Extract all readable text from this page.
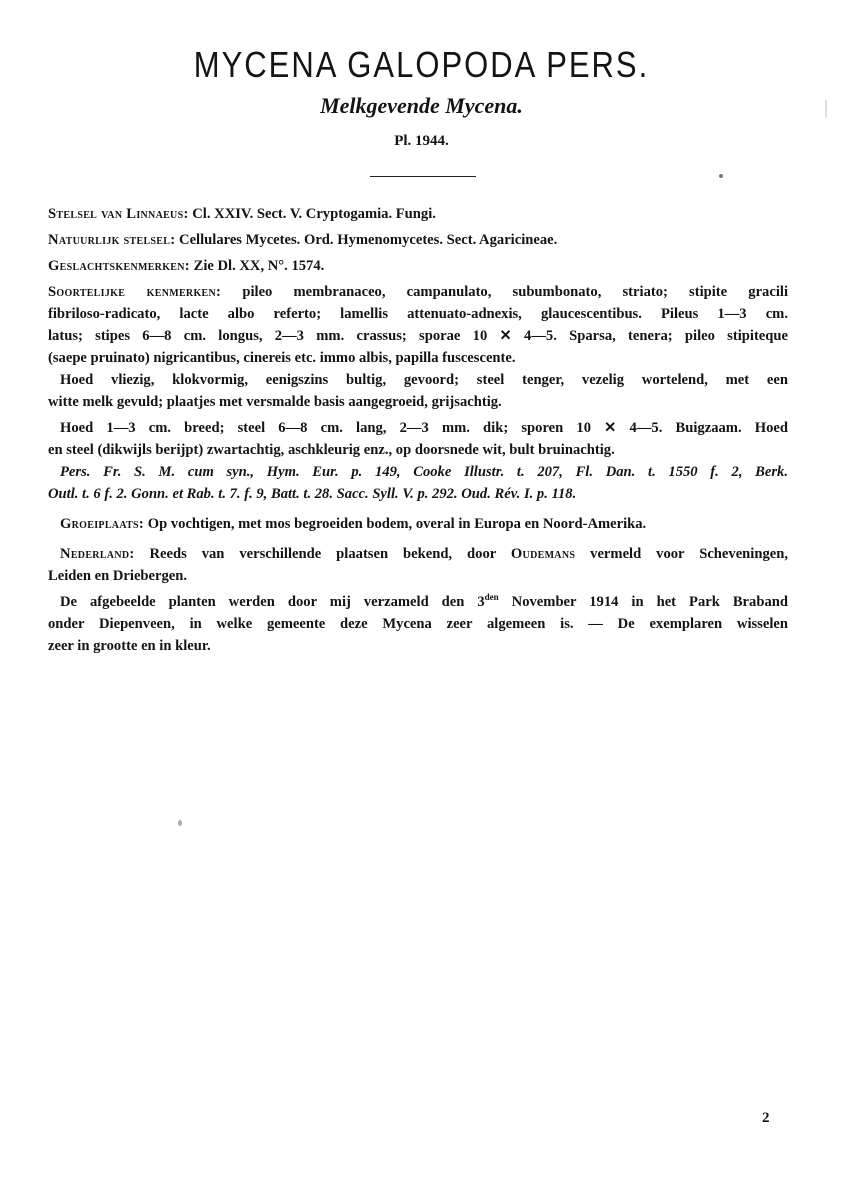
MYCENA GALOPODA PERS.
Melkgevende Mycena.
Pl. 1944.
Stelsel van Linnaeus: Cl. XXIV. Sect. V. Cryptogamia. Fungi.
Natuurlijk stelsel: Cellulares Mycetes. Ord. Hymenomycetes. Sect. Agaricineae.
Geslachtskenmerken: Zie Dl. XX, N°. 1574.
Soortelijke kenmerken: pileo membranaceo, campanulato, subumbonato, striato; stipite gracili
fibriloso-radicato, lacte albo referto; lamellis attenuato-adnexis, glaucescentibus. Pileus 1—3 cm.
latus; stipes 6—8 cm. longus, 2—3 mm. crassus; sporae 10 ✕ 4—5. Sparsa, tenera; pileo stipiteque
(saepe pruinato) nigricantibus, cinereis etc. immo albis, papilla fuscescente.
Hoed vliezig, klokvormig, eenigszins bultig, gevoord; steel tenger, vezelig wortelend, met een
witte melk gevuld; plaatjes met versmalde basis aangegroeid, grijsachtig.
Hoed 1—3 cm. breed; steel 6—8 cm. lang, 2—3 mm. dik; sporen 10 ✕ 4—5. Buigzaam. Hoed
en steel (dikwijls berijpt) zwartachtig, aschkleurig enz., op doorsnede wit, bult bruinachtig.
Pers. Fr. S. M. cum syn., Hym. Eur. p. 149, Cooke Illustr. t. 207, Fl. Dan. t. 1550 f. 2, Berk.
Outl. t. 6 f. 2. Gonn. et Rab. t. 7. f. 9, Batt. t. 28. Sacc. Syll. V. p. 292. Oud. Rév. I. p. 118.
Groeiplaats: Op vochtigen, met mos begroeiden bodem, overal in Europa en Noord-Amerika.
Nederland: Reeds van verschillende plaatsen bekend, door Oudemans vermeld voor Scheveningen,
Leiden en Driebergen.
De afgebeelde planten werden door mij verzameld den $3^{den}$ November 1914 in het Park Braband
onder Diepenveen, in welke gemeente deze Mycena zeer algemeen is. — De exemplaren wisselen
zeer in grootte en in kleur.
2
